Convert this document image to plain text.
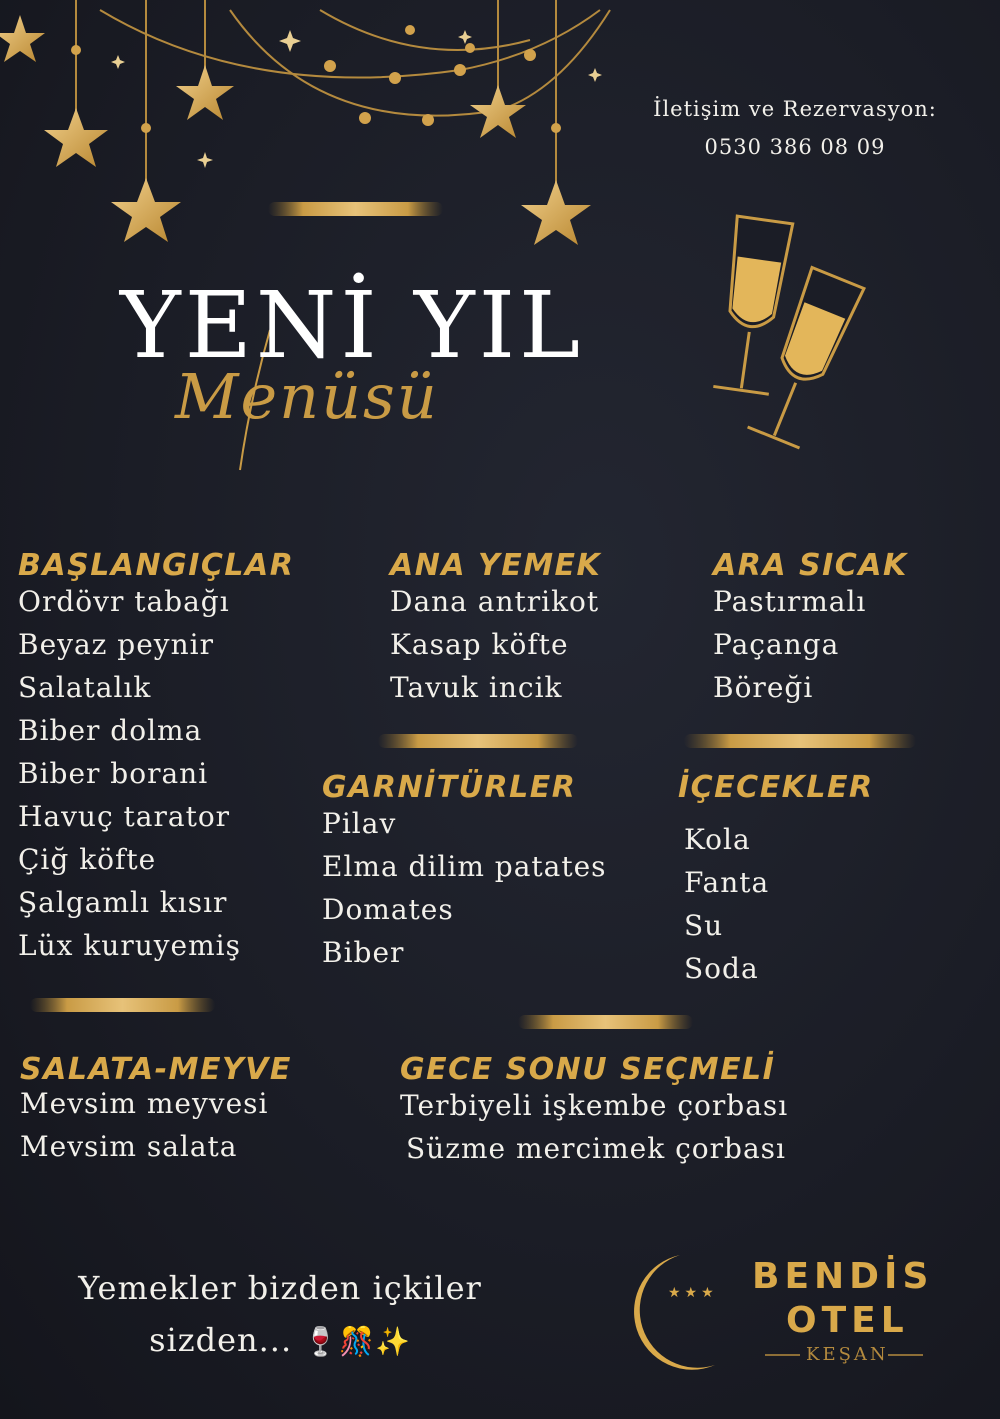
İletişim ve Rezervasyon:
0530 386 08 09
YENİ YIL
Menüsü
BAŞLANGIÇLAR
Ordövr tabağı
Beyaz peynir
Salatalık
Biber dolma
Biber borani
Havuç tarator
Çiğ köfte
Şalgamlı kısır
Lüx kuruyemiş
ANA YEMEK
Dana antrikot
Kasap köfte
Tavuk incik
ARA SICAK
Pastırmalı
Paçanga
Böreği
GARNİTÜRLER
Pilav
Elma dilim patates
Domates
Biber
İÇECEKLER
Kola
Fanta
Su
Soda
SALATA-MEYVE
Mevsim meyvesi
Mevsim salata
GECE SONU SEÇMELİ
Terbiyeli işkembe çorbası
Süzme mercimek çorbası
Yemekler bizden içkiler
sizden... 🍷🎊✨
★★★ BENDİS
OTEL
KEŞAN
